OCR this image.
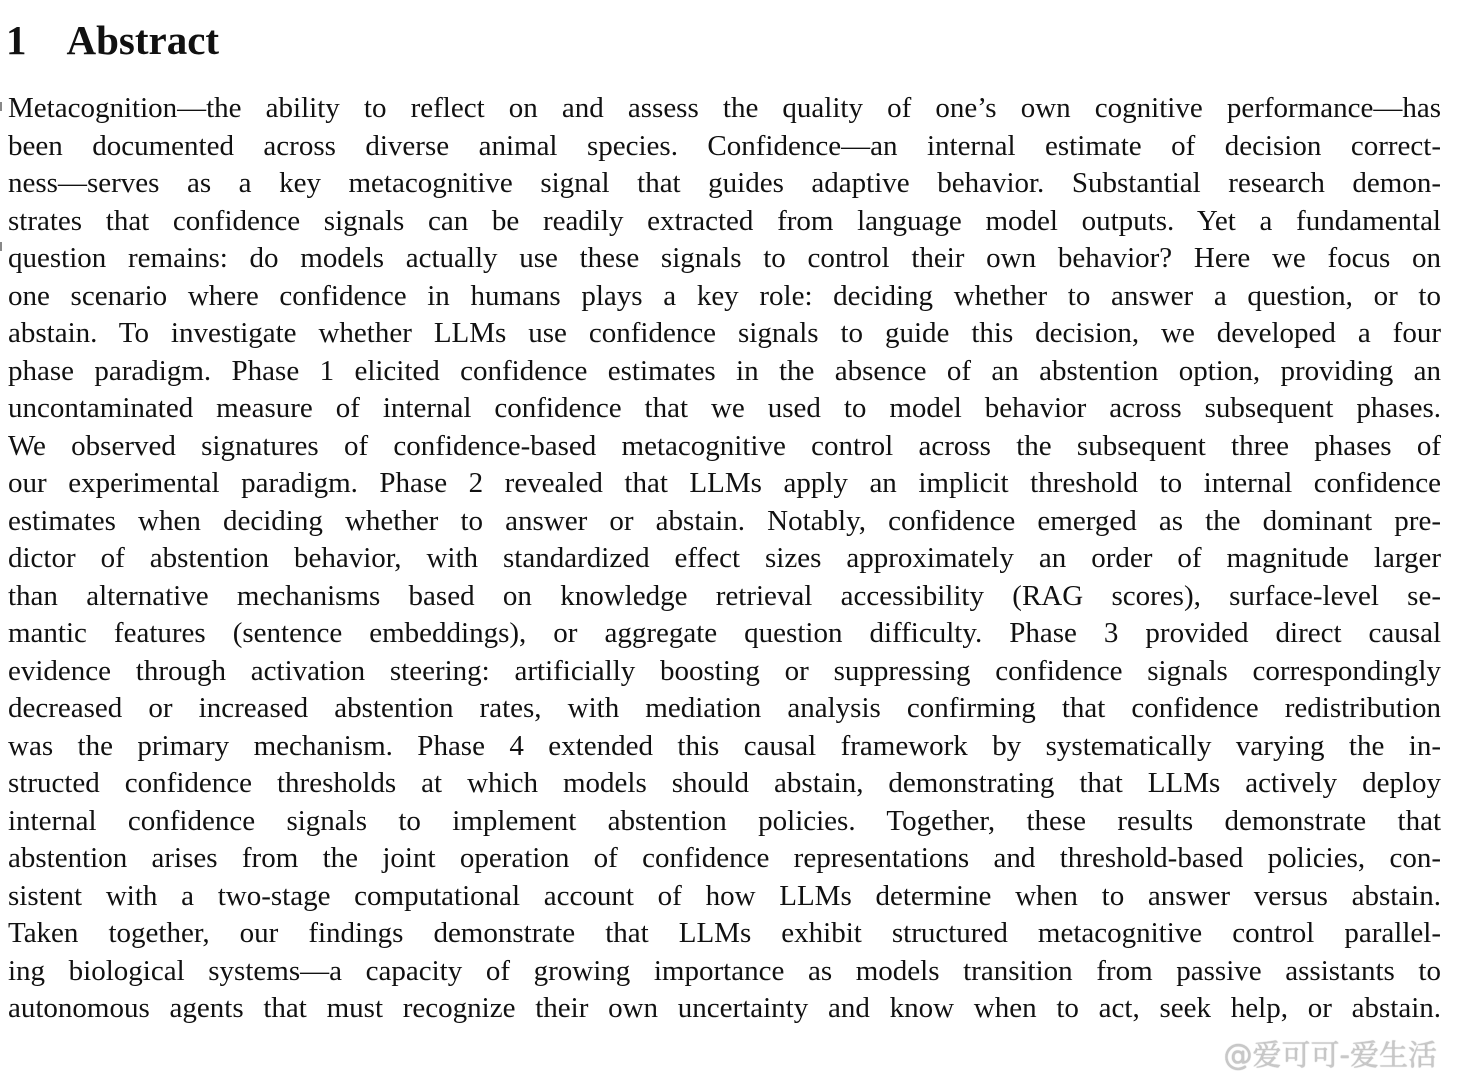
1 Abstract
Metacognition—the ability to reflect on and assess the quality of one’s own cognitive performance—has
been documented across diverse animal species. Confidence—an internal estimate of decision correct-
ness—serves as a key metacognitive signal that guides adaptive behavior. Substantial research demon-
strates that confidence signals can be readily extracted from language model outputs. Yet a fundamental
question remains: do models actually use these signals to control their own behavior? Here we focus on
one scenario where confidence in humans plays a key role: deciding whether to answer a question, or to
abstain. To investigate whether LLMs use confidence signals to guide this decision, we developed a four
phase paradigm. Phase 1 elicited confidence estimates in the absence of an abstention option, providing an
uncontaminated measure of internal confidence that we used to model behavior across subsequent phases.
We observed signatures of confidence-based metacognitive control across the subsequent three phases of
our experimental paradigm. Phase 2 revealed that LLMs apply an implicit threshold to internal confidence
estimates when deciding whether to answer or abstain. Notably, confidence emerged as the dominant pre-
dictor of abstention behavior, with standardized effect sizes approximately an order of magnitude larger
than alternative mechanisms based on knowledge retrieval accessibility (RAG scores), surface-level se-
mantic features (sentence embeddings), or aggregate question difficulty. Phase 3 provided direct causal
evidence through activation steering: artificially boosting or suppressing confidence signals correspondingly
decreased or increased abstention rates, with mediation analysis confirming that confidence redistribution
was the primary mechanism. Phase 4 extended this causal framework by systematically varying the in-
structed confidence thresholds at which models should abstain, demonstrating that LLMs actively deploy
internal confidence signals to implement abstention policies. Together, these results demonstrate that
abstention arises from the joint operation of confidence representations and threshold-based policies, con-
sistent with a two-stage computational account of how LLMs determine when to answer versus abstain.
Taken together, our findings demonstrate that LLMs exhibit structured metacognitive control parallel-
ing biological systems—a capacity of growing importance as models transition from passive assistants to
autonomous agents that must recognize their own uncertainty and know when to act, seek help, or abstain.
@爱可可-爱生活
